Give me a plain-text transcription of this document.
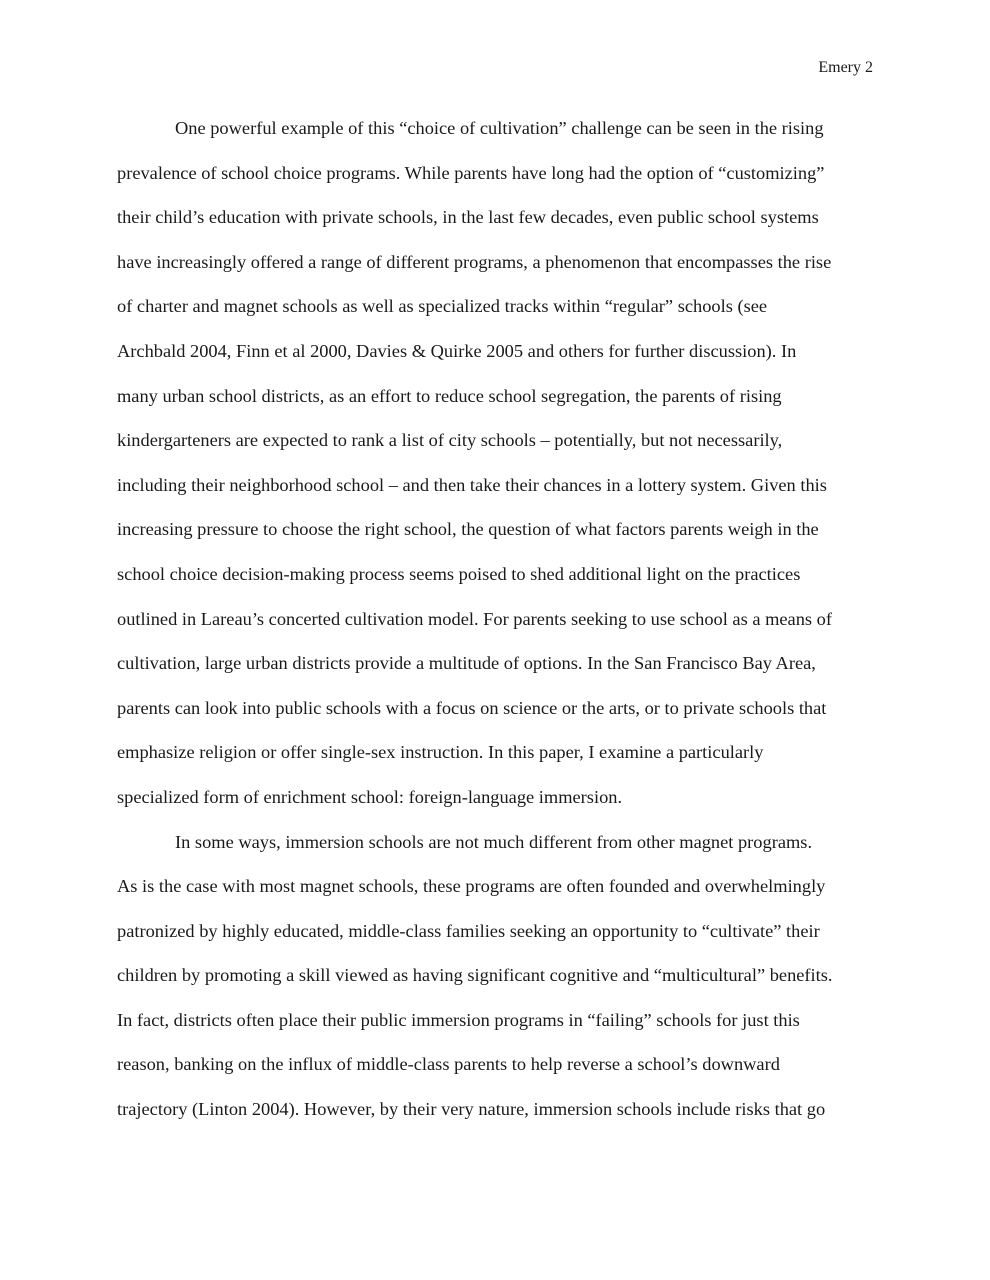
Emery 2
One powerful example of this “choice of cultivation” challenge can be seen in the rising
prevalence of school choice programs. While parents have long had the option of “customizing”
their child’s education with private schools, in the last few decades, even public school systems
have increasingly offered a range of different programs, a phenomenon that encompasses the rise
of charter and magnet schools as well as specialized tracks within “regular” schools (see
Archbald 2004, Finn et al 2000, Davies & Quirke 2005 and others for further discussion). In
many urban school districts, as an effort to reduce school segregation, the parents of rising
kindergarteners are expected to rank a list of city schools – potentially, but not necessarily,
including their neighborhood school – and then take their chances in a lottery system. Given this
increasing pressure to choose the right school, the question of what factors parents weigh in the
school choice decision-making process seems poised to shed additional light on the practices
outlined in Lareau’s concerted cultivation model. For parents seeking to use school as a means of
cultivation, large urban districts provide a multitude of options. In the San Francisco Bay Area,
parents can look into public schools with a focus on science or the arts, or to private schools that
emphasize religion or offer single-sex instruction. In this paper, I examine a particularly
specialized form of enrichment school: foreign-language immersion.
In some ways, immersion schools are not much different from other magnet programs.
As is the case with most magnet schools, these programs are often founded and overwhelmingly
patronized by highly educated, middle-class families seeking an opportunity to “cultivate” their
children by promoting a skill viewed as having significant cognitive and “multicultural” benefits.
In fact, districts often place their public immersion programs in “failing” schools for just this
reason, banking on the influx of middle-class parents to help reverse a school’s downward
trajectory (Linton 2004). However, by their very nature, immersion schools include risks that go
